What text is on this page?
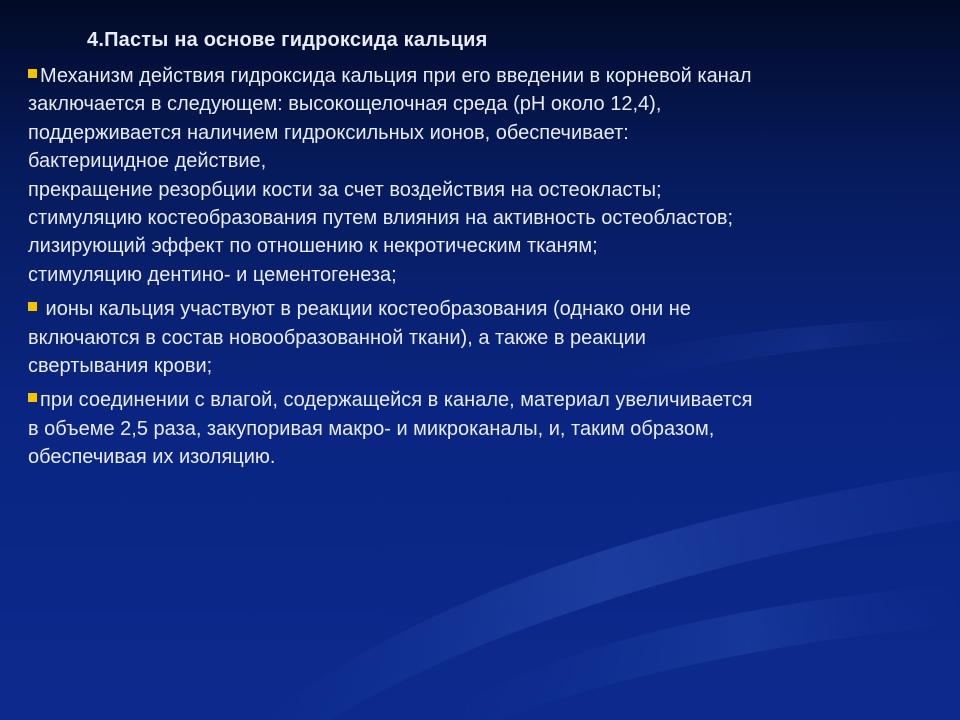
4.Пасты на основе гидроксида кальция
Механизм действия гидроксида кальция при его введении в корневой канал
заключается в следующем: высокощелочная среда (рН около 12,4),
поддерживается наличием гидроксильных ионов, обеспечивает:
бактерицидное действие,
прекращение резорбции кости за счет воздействия на остеокласты;
стимуляцию костеобразования путем влияния на активность остеобластов;
лизирующий эффект по отношению к некротическим тканям;
стимуляцию дентино- и цементогенеза;
ионы кальция участвуют в реакции костеобразования (однако они не
включаются в состав новообразованной ткани), а также в реакции
свертывания крови;
при соединении с влагой, содержащейся в канале, материал увеличивается
в объеме 2,5 раза, закупоривая макро- и микроканалы, и, таким образом,
обеспечивая их изоляцию.
